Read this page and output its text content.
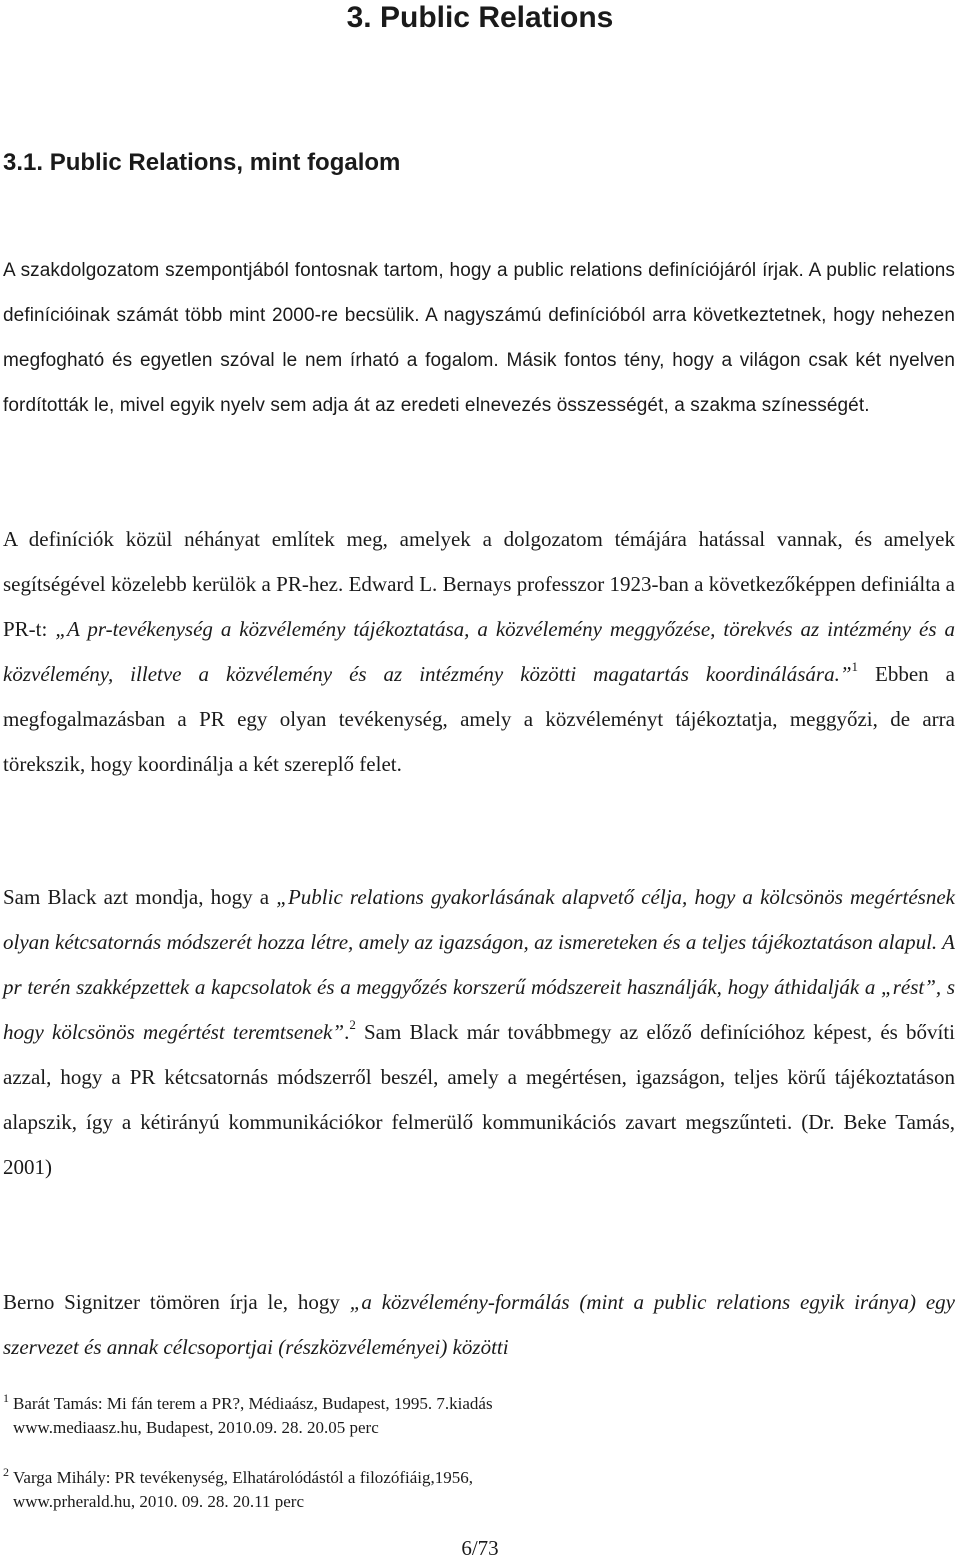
3. Public Relations
3.1. Public Relations, mint fogalom

A szakdolgozatom szempontjából fontosnak tartom, hogy a public relations definíciójáról írjak. A public relations definícióinak számát több mint 2000-re becsülik. A nagyszámú definícióból arra következtetnek, hogy nehezen megfogható és egyetlen szóval le nem írható a fogalom. Másik fontos tény, hogy a világon csak két nyelven fordították le, mivel egyik nyelv sem adja át az eredeti elnevezés összességét, a szakma színességét.

A definíciók közül néhányat említek meg, amelyek a dolgozatom témájára hatással vannak, és amelyek segítségével közelebb kerülök a PR-hez. Edward L. Bernays professzor 1923-ban a következőképpen definiálta a PR-t: „A pr-tevékenység a közvélemény tájékoztatása, a közvélemény meggyőzése, törekvés az intézmény és a közvélemény, illetve a közvélemény és az intézmény közötti magatartás koordinálására.”$^1$ Ebben a megfogalmazásban a PR egy olyan tevékenység, amely a közvéleményt tájékoztatja, meggyőzi, de arra törekszik, hogy koordinálja a két szereplő felet.

Sam Black azt mondja, hogy a „Public relations gyakorlásának alapvető célja, hogy a kölcsönös megértésnek olyan kétcsatornás módszerét hozza létre, amely az igazságon, az ismereteken és a teljes tájékoztatáson alapul. A pr terén szakképzettek a kapcsolatok és a meggyőzés korszerű módszereit használják, hogy áthidalják a „rést”, s hogy kölcsönös megértést teremtsenek”.$^2$ Sam Black már továbbmegy az előző definícióhoz képest, és bővíti azzal, hogy a PR kétcsatornás módszerről beszél, amely a megértésen, igazságon, teljes körű tájékoztatáson alapszik, így a kétirányú kommunikációkor felmerülő kommunikációs zavart megszűnteti. (Dr. Beke Tamás, 2001)

Berno Signitzer tömören írja le, hogy „a közvélemény-formálás (mint a public relations egyik iránya) egy szervezet és annak célcsoportjai (részközvéleményei) közötti

$^1$ Barát Tamás: Mi fán terem a PR?, Médiaász, Budapest, 1995. 7.kiadás
www.mediaasz.hu, Budapest, 2010.09. 28. 20.05 perc
$^2$ Varga Mihály: PR tevékenység, Elhatárolódástól a filozófiáig,1956,
www.prherald.hu, 2010. 09. 28. 20.11 perc
6/73
